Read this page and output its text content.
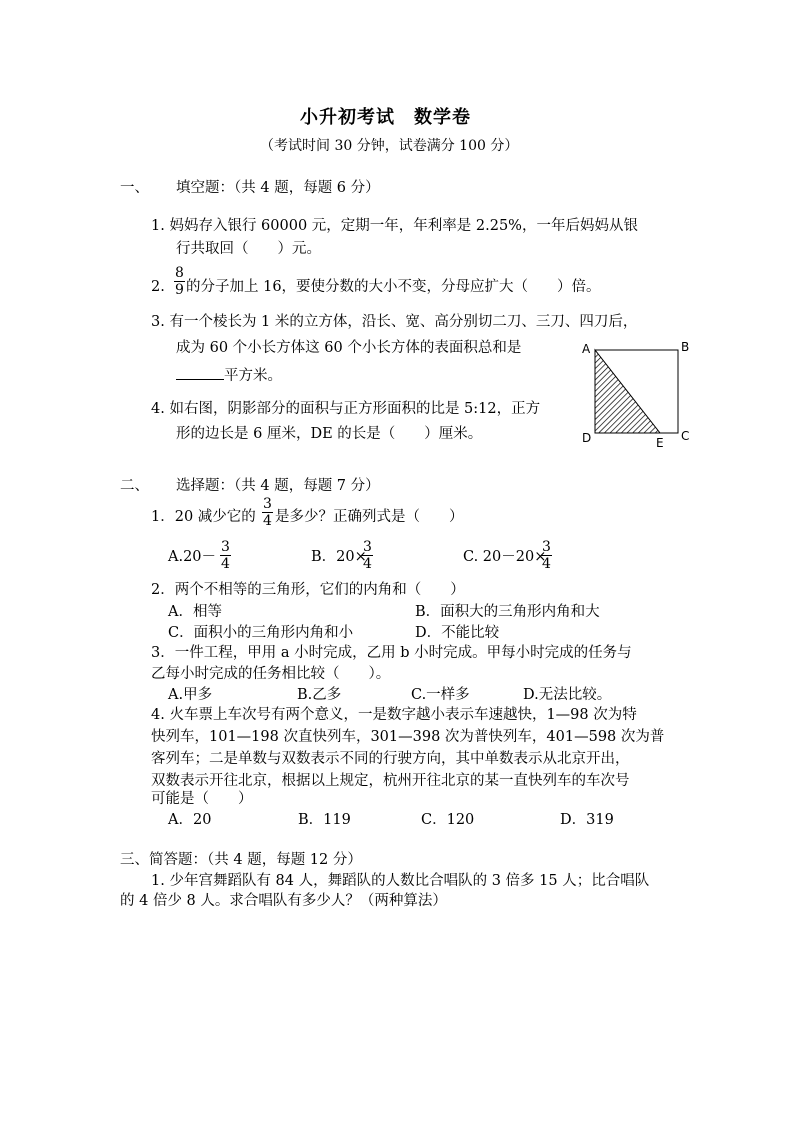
小升初考试　数学卷
（考试时间 30 分钟，试卷满分 100 分）
一、 填空题：（共 4 题，每题 6 分）
1. 妈妈存入银行 60000 元，定期一年，年利率是 2.25%，一年后妈妈从银
行共取回（　　）元。
2.
8
9 的分子加上 16，要使分数的大小不变，分母应扩大（　　）倍。
3. 有一个棱长为 1 米的立方体，沿长、宽、高分别切二刀、三刀、四刀后，
成为 60 个小长方体这 60 个小长方体的表面积总和是
平方米。
4. 如右图，阴影部分的面积与正方形面积的比是 5:12，正方
形的边长是 6 厘米，DE 的长是（　　）厘米。
A	B
C
D	E
二、 选择题：（共 4 题，每题 7 分）
1．20 减少它的
3
4 是多少？正确列式是（　　）
A.20－
3
4	B．20×
3
4	C. 20－20×
3
4
2．两个不相等的三角形，它们的内角和（　　）
A．相等	B．面积大的三角形内角和大
C．面积小的三角形内角和小	D．不能比较
3．一件工程，甲用 a 小时完成，乙用 b 小时完成。甲每小时完成的任务与
乙每小时完成的任务相比较（　　）。
A.甲多	B.乙多	C.一样多	D.无法比较。
4. 火车票上车次号有两个意义，一是数字越小表示车速越快，1—98 次为特
快列车，101—198 次直快列车，301—398 次为普快列车，401—598 次为普
客列车；二是单数与双数表示不同的行驶方向，其中单数表示从北京开出，
双数表示开往北京，根据以上规定，杭州开往北京的某一直快列车的车次号
可能是（　　）
A．20	B．119	C．120	D．319
三、简答题：（共 4 题，每题 12 分）
1. 少年宫舞蹈队有 84 人，舞蹈队的人数比合唱队的 3 倍多 15 人；比合唱队
的 4 倍少 8 人。求合唱队有多少人？（两种算法）
